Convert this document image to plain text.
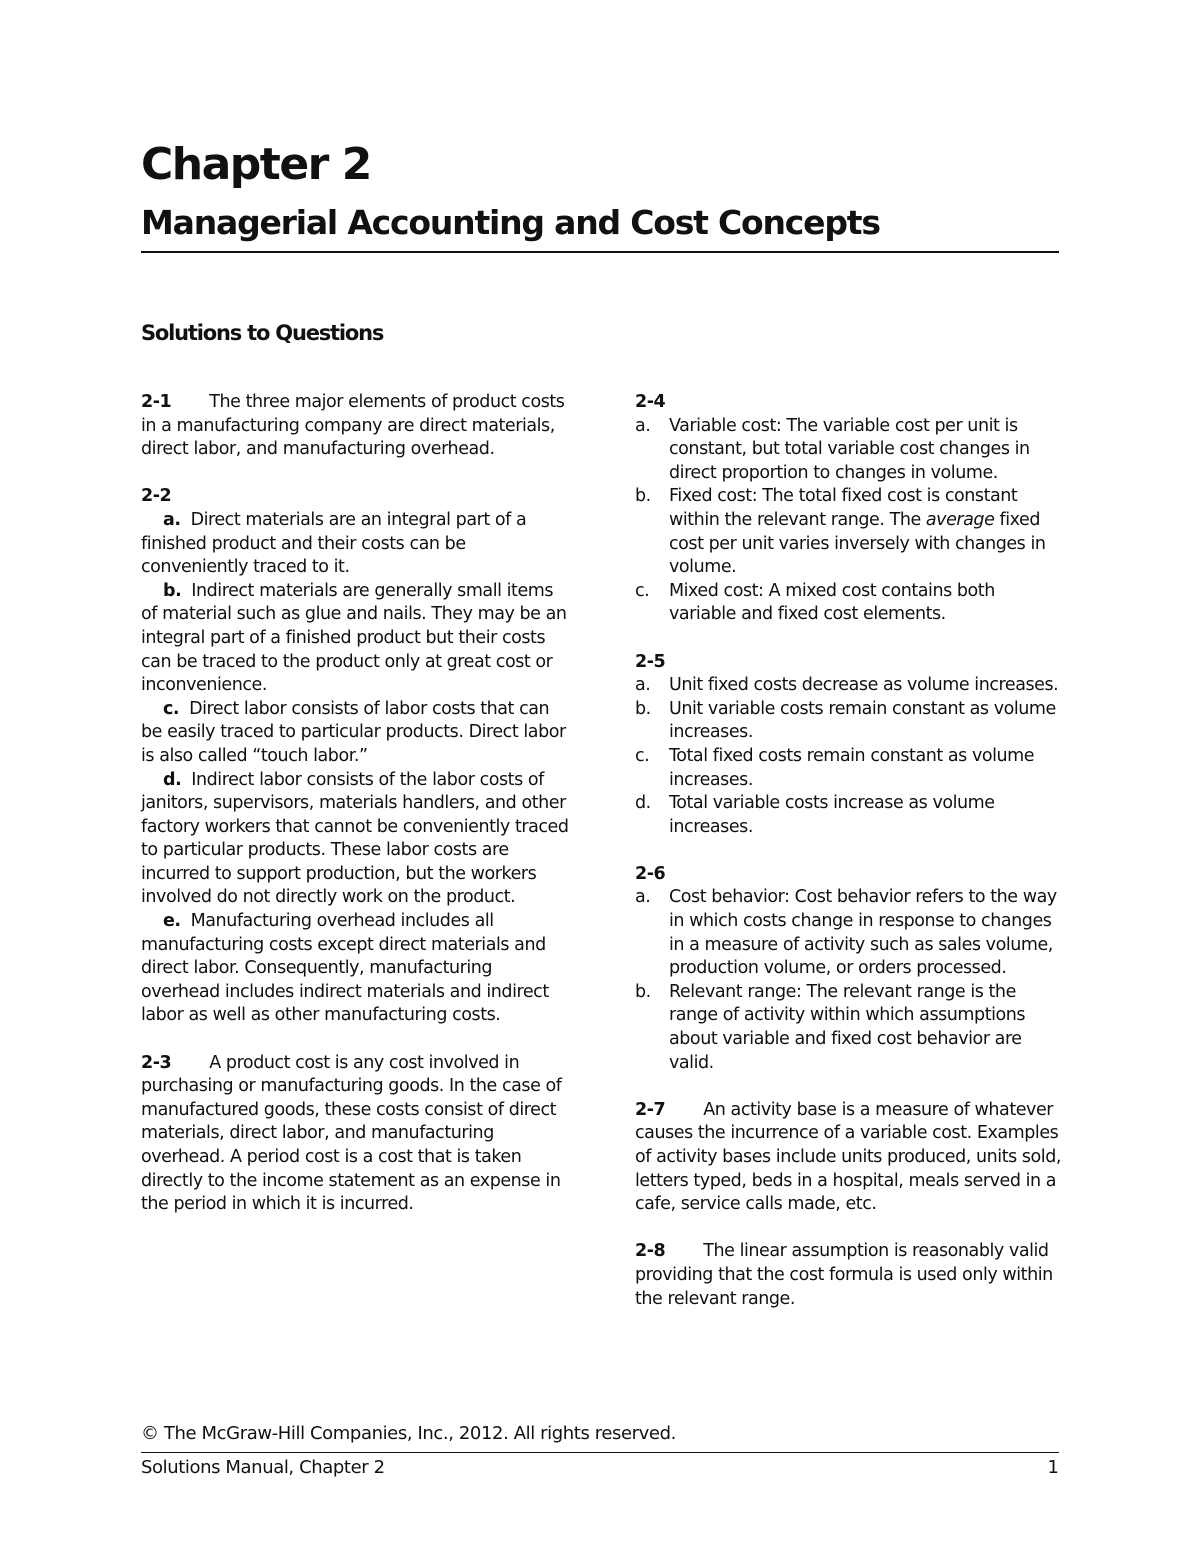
Chapter 2
Managerial Accounting and Cost Concepts
Solutions to Questions
2-1 The three major elements of product costs in a manufacturing company are direct materials, direct labor, and manufacturing overhead.
2-2

a. Direct materials are an integral part of a finished product and their costs can be conveniently traced to it.

b. Indirect materials are generally small items of material such as glue and nails. They may be an integral part of a finished product but their costs can be traced to the product only at great cost or inconvenience.

c. Direct labor consists of labor costs that can be easily traced to particular products. Direct labor is also called “touch labor.”

d. Indirect labor consists of the labor costs of janitors, supervisors, materials handlers, and other factory workers that cannot be conveniently traced to particular products. These labor costs are incurred to support production, but the workers involved do not directly work on the product.

e. Manufacturing overhead includes all manufacturing costs except direct materials and direct labor. Consequently, manufacturing overhead includes indirect materials and indirect labor as well as other manufacturing costs.

2-3 A product cost is any cost involved in purchasing or manufacturing goods. In the case of manufactured goods, these costs consist of direct materials, direct labor, and manufacturing overhead. A period cost is a cost that is taken directly to the income statement as an expense in the period in which it is incurred.
2-4
a.	Variable cost: The variable cost per unit is constant, but total variable cost changes in direct proportion to changes in volume.
b.	Fixed cost: The total fixed cost is constant within the relevant range. The average fixed cost per unit varies inversely with changes in volume.
c.	Mixed cost: A mixed cost contains both variable and fixed cost elements.
2-5
a.	Unit fixed costs decrease as volume increases.
b.	Unit variable costs remain constant as volume increases.
c.	Total fixed costs remain constant as volume increases.
d.	Total variable costs increase as volume increases.
2-6
a.	Cost behavior: Cost behavior refers to the way in which costs change in response to changes in a measure of activity such as sales volume, production volume, or orders processed.
b.	Relevant range: The relevant range is the range of activity within which assumptions about variable and fixed cost behavior are valid.
2-7 An activity base is a measure of whatever causes the incurrence of a variable cost. Examples of activity bases include units produced, units sold, letters typed, beds in a hospital, meals served in a cafe, service calls made, etc.
2-8 The linear assumption is reasonably valid providing that the cost formula is used only within the relevant range.

© The McGraw-Hill Companies, Inc., 2012. All rights reserved.

Solutions Manual, Chapter 2	1
